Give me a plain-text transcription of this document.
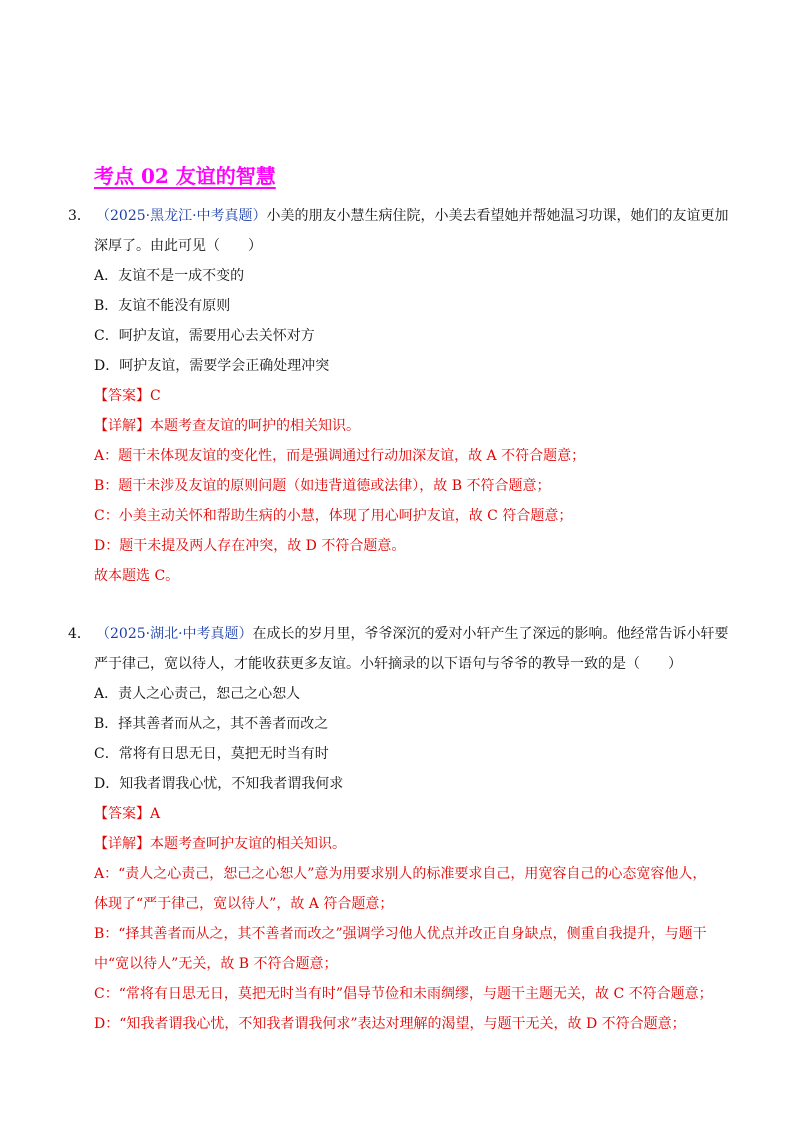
考点 02 友谊的智慧
3． （2025·黑龙江·中考真题）小美的朋友小慧生病住院，小美去看望她并帮她温习功课，她们的友谊更加
深厚了。由此可见（　　）
A．友谊不是一成不变的
B．友谊不能没有原则
C．呵护友谊，需要用心去关怀对方
D．呵护友谊，需要学会正确处理冲突
【答案】C
【详解】本题考查友谊的呵护的相关知识。
A：题干未体现友谊的变化性，而是强调通过行动加深友谊，故 A 不符合题意；
B：题干未涉及友谊的原则问题（如违背道德或法律），故 B 不符合题意；
C：小美主动关怀和帮助生病的小慧，体现了用心呵护友谊，故 C 符合题意；
D：题干未提及两人存在冲突，故 D 不符合题意。
故本题选 C。
4． （2025·湖北·中考真题）在成长的岁月里，爷爷深沉的爱对小轩产生了深远的影响。他经常告诉小轩要
严于律己，宽以待人，才能收获更多友谊。小轩摘录的以下语句与爷爷的教导一致的是（　　）
A．责人之心责己，恕己之心恕人
B．择其善者而从之，其不善者而改之
C．常将有日思无日，莫把无时当有时
D．知我者谓我心忧，不知我者谓我何求
【答案】A
【详解】本题考查呵护友谊的相关知识。
A：“责人之心责己，恕己之心恕人”意为用要求别人的标准要求自己，用宽容自己的心态宽容他人，
体现了“严于律己，宽以待人”，故 A 符合题意；
B：“择其善者而从之，其不善者而改之”强调学习他人优点并改正自身缺点，侧重自我提升，与题干
中“宽以待人”无关，故 B 不符合题意；
C：“常将有日思无日，莫把无时当有时”倡导节俭和未雨绸缪，与题干主题无关，故 C 不符合题意；
D：“知我者谓我心忧，不知我者谓我何求”表达对理解的渴望，与题干无关，故 D 不符合题意；
